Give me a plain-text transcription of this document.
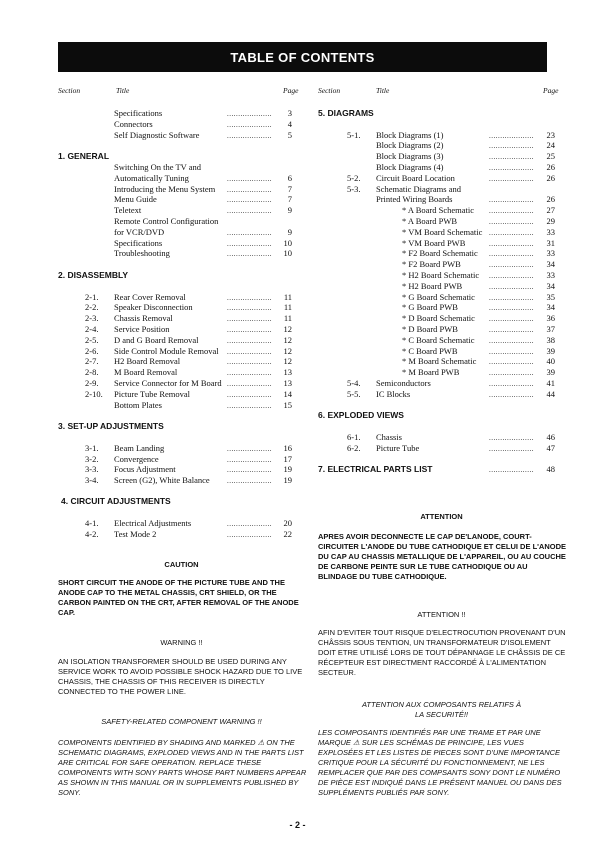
TABLE OF CONTENTS
Section	Title	Page	Section	Title	Page
Specifications .....	3
Connectors .....	4
Self Diagnostic Software .....	5
1. GENERAL
Switching On the TV and
Automatically Tuning .....	6
Introducing the Menu System .....	7
Menu Guide .....	7
Teletext .....	9
Remote Control Configuration
for VCR/DVD .....	9
Specifications .....	10
Troubleshooting .....	10
2. DISASSEMBLY
2-1. Rear Cover Removal .....	11
2-2. Speaker Disconnection .....	11
2-3. Chassis Removal .....	11
2-4. Service Position .....	12
2-5. D and G Board Removal .....	12
2-6. Side Control Module Removal .....	12
2-7. H2 Board Removal .....	12
2-8. M Board Removal .....	13
2-9. Service Connector for M Board .....	13
2-10. Picture Tube Removal .....	14
Bottom Plates .....	15
3. SET-UP ADJUSTMENTS
3-1. Beam Landing .....	16
3-2. Convergence .....	17
3-3. Focus Adjustment .....	19
3-4. Screen (G2), White Balance .....	19
4. CIRCUIT ADJUSTMENTS
4-1. Electrical Adjustments .....	20
4-2. Test Mode 2 .....	22
5. DIAGRAMS
5-1. Block Diagrams (1) .....	23
Block Diagrams (2) .....	24
Block Diagrams (3) .....	25
Block Diagrams (4) .....	26
5-2. Circuit Board Location .....	26
5-3. Schematic Diagrams and
Printed Wiring Boards .....	26
* A Board Schematic .....	27
* A Board PWB .....	29
* VM Board Schematic .....	33
* VM Board PWB .....	31
* F2 Board Schematic .....	33
* F2 Board PWB .....	34
* H2 Board Schematic .....	33
* H2 Board PWB .....	34
* G Board Schematic .....	35
* G Board PWB .....	34
* D Board Schematic .....	36
* D Board PWB .....	37
* C Board Schematic .....	38
* C Board PWB .....	39
* M Board Schematic .....	40
* M Board PWB .....	39
5-4. Semiconductors .....	41
5-5. IC Blocks .....	44
6. EXPLODED VIEWS
6-1. Chassis .....	46
6-2. Picture Tube .....	47
7. ELECTRICAL PARTS LIST .....	48
CAUTION
SHORT CIRCUIT THE ANODE OF THE PICTURE TUBE AND THE ANODE CAP TO THE METAL CHASSIS, CRT SHIELD, OR THE CARBON PAINTED ON THE CRT, AFTER REMOVAL OF THE ANODE CAP.
WARNING !!
AN ISOLATION TRANSFORMER SHOULD BE USED DURING ANY SERVICE WORK TO AVOID POSSIBLE SHOCK HAZARD DUE TO LIVE CHASSIS, THE CHASSIS OF THIS RECEIVER IS DIRECTLY CONNECTED TO THE POWER LINE.
SAFETY-RELATED COMPONENT WARNING !!
COMPONENTS IDENTIFIED BY SHADING AND MARKED ⚠ ON THE SCHEMATIC DIAGRAMS, EXPLODED VIEWS AND IN THE PARTS LIST ARE CRITICAL FOR SAFE OPERATION. REPLACE THESE COMPONENTS WITH SONY PARTS WHOSE PART NUMBERS APPEAR AS SHOWN IN THIS MANUAL OR IN SUPPLEMENTS PUBLISHED BY SONY.
ATTENTION
APRES AVOIR DECONNECTE LE CAP DE'LANODE, COURT-CIRCUITER L'ANODE DU TUBE CATHODIQUE ET CELUI DE L'ANODE DU CAP AU CHASSIS METALLIQUE DE L'APPAREIL, OU AU COUCHE DE CARBONE PEINTE SUR LE TUBE CATHODIQUE OU AU BLINDAGE DU TUBE CATHODIQUE.
ATTENTION !!
AFIN D'EVITER TOUT RISQUE D'ELECTROCUTION PROVENANT D'UN CHÂSSIS SOUS TENTION, UN TRANSFORMATEUR D'ISOLEMENT DOIT ETRE UTILISÉ LORS DE TOUT DÉPANNAGE LE CHÂSSIS DE CE RÉCEPTEUR EST DIRECTMENT RACCORDÉ À L'ALIMENTATION SECTEUR.
ATTENTION AUX COMPOSANTS RELATIFS À
LA SECURITÉ!!
LES COMPOSANTS IDENTIFIÉS PAR UNE TRAME ET PAR UNE MARQUE ⚠ SUR LES SCHÉMAS DE PRINCIPE, LES VUES EXPLOSÉES ET LES LISTES DE PIECES SONT D'UNE IMPORTANCE CRITIQUE POUR LA SÉCURITÉ DU FONCTIONNEMENT, NE LES REMPLACER QUE PAR DES COMPSANTS SONY DONT LE NUMÉRO DE PIÈCE EST INDIQUÉ DANS LE PRÉSENT MANUEL OU DANS DES SUPPLÉMENTS PUBLIÉS PAR SONY.
- 2 -
